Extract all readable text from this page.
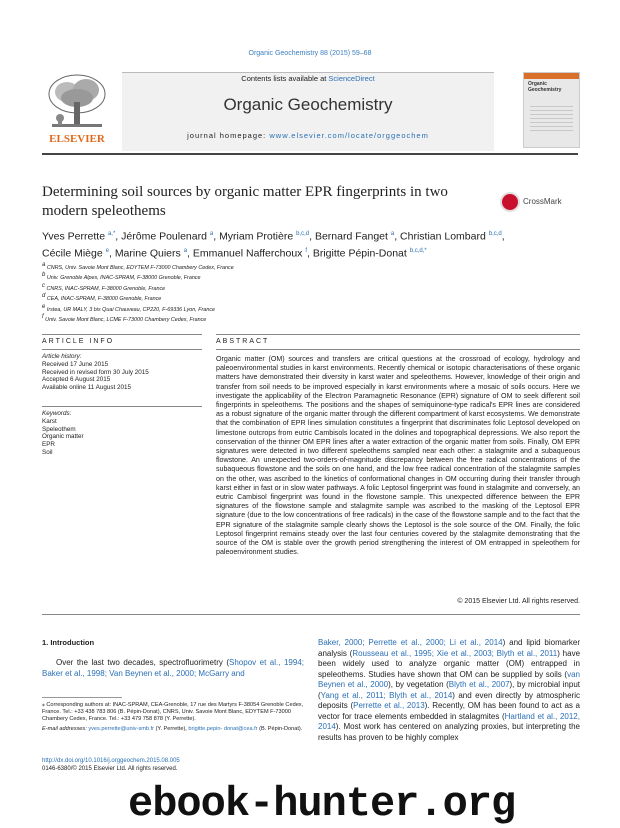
Organic Geochemistry 88 (2015) 59–68
ELSEVIER
Contents lists available at ScienceDirect
Organic Geochemistry
journal homepage: www.elsevier.com/locate/orggeochem
Organic Geochemistry
Determining soil sources by organic matter EPR fingerprints in two modern speleothems
CrossMark
Yves Perrette $^{a,*}$, Jérôme Poulenard $^a$, Myriam Protière $^{b,c,d}$, Bernard Fanget $^a$, Christian Lombard $^{b,c,d}$,
Cécile Miège $^e$, Marine Quiers $^a$, Emmanuel Nafferchoux $^f$, Brigitte Pépin-Donat $^{b,c,d,*}$
$^a$ CNRS, Univ. Savoie Mont Blanc, EDYTEM F-73000 Chambery Cedex, France
$^b$ Univ. Grenoble Alpes, INAC-SPRAM, F-38000 Grenoble, France
$^c$ CNRS, INAC-SPRAM, F-38000 Grenoble, France
$^d$ CEA, INAC-SPRAM, F-38000 Grenoble, France
$^e$ Irstea, UR MALY, 3 bis Quai Chauveau, CP220, F-69336 Lyon, France
$^f$ Univ. Savoie Mont Blanc, LCME F-73000 Chambery Cedex, France
ARTICLE INFO
Article history:
Received 17 June 2015
Received in revised form 30 July 2015
Accepted 6 August 2015
Available online 11 August 2015
Keywords:
Karst
Speleothem
Organic matter
EPR
Soil
ABSTRACT
Organic matter (OM) sources and transfers are critical questions at the crossroad of ecology, hydrology and paleoenvironmental studies in karst environments. Recently chemical or isotopic characterisations of these organic matters have demonstrated their diversity in karst water and speleothems. However, knowledge of their origin and transfer from soil needs to be improved especially in karst environments where a mosaic of soils occurs. Here we investigate the applicability of the Electron Paramagnetic Resonance (EPR) signature of OM to seek different soil fingerprints in speleothems. The positions and the shapes of semiquinone-type radical's EPR lines are considered as a robust signature of the organic matter through the different compartment of karst ecosystems. We demonstrate that the combination of EPR lines simulation constitutes a fingerprint that discriminates folic Leptosol developed on limestone outcrops from eutric Cambisols located in the dolines and topographical depressions. We also report the conservation of the thinner OM EPR lines after a water extraction of the organic matter from soils. Finally, OM EPR signatures were detected in two different speleothems sampled near each other: a stalagmite and a subaqueous flowstone. An unexpected two-orders-of-magnitude discrepancy between the free radical concentrations of the subaqueous flowstone and the soils on one hand, and the low free radical concentration of the stalagmite samples on the other, was ascribed to the kinetics of conformational changes in OM occurring during their transfer through karst either in fast or in slow water pathways. A folic Leptosol fingerprint was found in stalagmite and conversely, an eutric Cambisol fingerprint was found in the flowstone sample. This unexpected difference between the EPR signatures of the flowstone sample and stalagmite sample was ascribed to the masking of the Leptosol EPR signature (due to the low concentrations of free radicals) in the case of the flowstone sample and to the fact that the EPR signature of the stalagmite sample clearly shows the Leptosol is the sole source of the OM. Finally, the folic Leptosol fingerprint remains steady over the last four centuries covered by the stalagmite demonstrating that the source of the OM is stable over the growth period strengthening the interest of OM entrapped in speleothem for paleoenvironment studies.
© 2015 Elsevier Ltd. All rights reserved.
1. Introduction
Over the last two decades, spectrofluorimetry (Shopov et al., 1994; Baker et al., 1998; Van Beynen et al., 2000; McGarry and
Baker, 2000; Perrette et al., 2000; Li et al., 2014) and lipid biomarker analysis (Rousseau et al., 1995; Xie et al., 2003; Blyth et al., 2011) have been widely used to analyze organic matter (OM) entrapped in speleothems. Studies have shown that OM can be supplied by soils (van Beynen et al., 2000), by vegetation (Blyth et al., 2007), by microbial input (Yang et al., 2011; Blyth et al., 2014) and even directly by atmospheric deposits (Perrette et al., 2013). Recently, OM has been found to act as a vector for trace elements embedded in stalagmites (Hartland et al., 2012, 2014). Most work has centered on analyzing proxies, but interpreting the results has proven to be highly complex
⁎ Corresponding authors at: INAC-SPRAM, CEA-Grenoble, 17 rue des Martyrs F-38054 Grenoble Cedex, France. Tel.: +33 438 783 806 (B. Pépin-Donat), CNRS, Univ. Savoie Mont Blanc, EDYTEM F-73000 Chambery Cedex, France. Tel.: +33 479 758 878 (Y. Perrette).
E-mail addresses: yves.perrette@univ-smb.fr (Y. Perrette), brigitte.pepin- donat@cea.fr (B. Pépin-Donat).
http://dx.doi.org/10.1016/j.orggeochem.2015.08.005
0146-6380/© 2015 Elsevier Ltd. All rights reserved.
ebook-hunter.org
